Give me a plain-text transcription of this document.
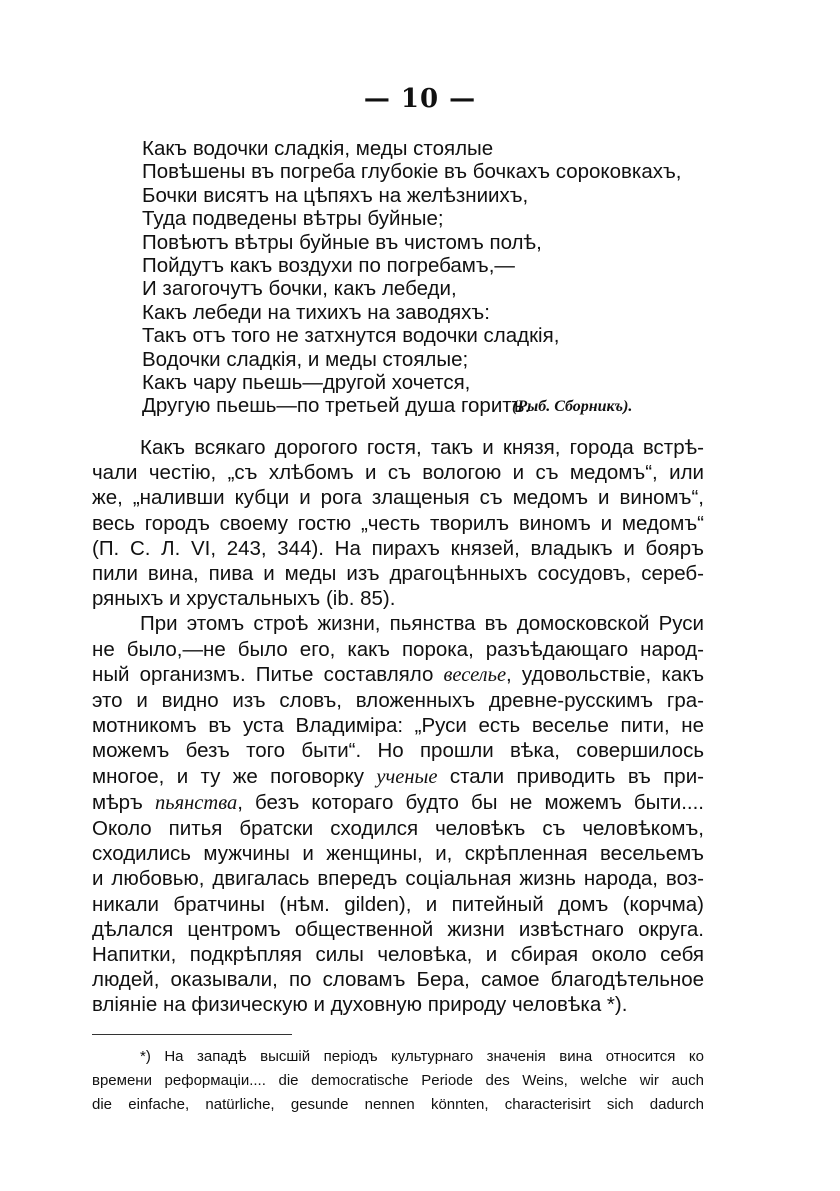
— 10 —
Какъ водочки сладкія, меды стоялые
Повѣшены въ погреба глубокіе въ бочкахъ сороковкахъ,
Бочки висятъ на цѣпяхъ на желѣзниихъ,
Туда подведены вѣтры буйные;
Повѣютъ вѣтры буйные въ чистомъ полѣ,
Пойдутъ какъ воздухи по погребамъ,—
И загогочутъ бочки, какъ лебеди,
Какъ лебеди на тихихъ на заводяхъ:
Такъ отъ того не затхнутся водочки сладкія,
Водочки сладкія, и меды стоялые;
Какъ чару пьешь—другой хочется,
Другую пьешь—по третьей душа горитъ.
(Рыб. Сборникъ).
Какъ всякаго дорогого гостя, такъ и князя, города встрѣ-
чали честію, „съ хлѣбомъ и съ вологою и съ медомъ“, или
же, „наливши кубци и рога злащеныя съ медомъ и виномъ“,
весь городъ своему гостю „честь творилъ виномъ и медомъ“
(П. С. Л. VI, 243, 344). На пирахъ князей, владыкъ и бояръ
пили вина, пива и меды изъ драгоцѣнныхъ сосудовъ, сереб-
ряныхъ и хрустальныхъ (ib. 85).
При этомъ строѣ жизни, пьянства въ домосковской Руси
не было,—не было его, какъ порока, разъѣдающаго народ-
ный организмъ. Питье составляло веселье, удовольствіе, какъ
это и видно изъ словъ, вложенныхъ древне-русскимъ гра-
мотникомъ въ уста Владиміра: „Руси есть веселье пити, не
можемъ безъ того быти“. Но прошли вѣка, совершилось
многое, и ту же поговорку ученые стали приводить въ при-
мѣръ пьянства, безъ котораго будто бы не можемъ быти....
Около питья братски сходился человѣкъ съ человѣкомъ,
сходились мужчины и женщины, и, скрѣпленная весельемъ
и любовью, двигалась впередъ соціальная жизнь народа, воз-
никали братчины (нѣм. gilden), и питейный домъ (корчма)
дѣлался центромъ общественной жизни извѣстнаго округа.
Напитки, подкрѣпляя силы человѣка, и сбирая около себя
людей, оказывали, по словамъ Бера, самое благодѣтельное
вліяніе на физическую и духовную природу человѣка *).
*) На западѣ высшій періодъ культурнаго значенія вина относится ко
времени реформаціи.... die democratische Periode des Weins, welche wir auch
die einfache, natürliche, gesunde nennen könnten, characterisirt sich dadurch
